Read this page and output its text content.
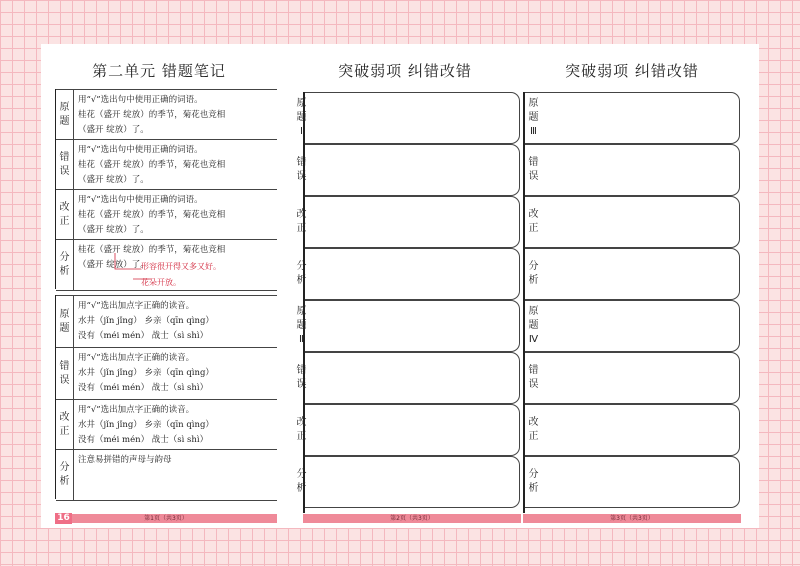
第二单元 错题笔记
原
题
用“√”选出句中使用正确的词语。
桂花（盛开 绽放）的季节，菊花也竞相
（盛开 绽放）了。
错
误
用“√”选出句中使用正确的词语。
桂花（盛开 绽放）的季节，菊花也竞相
（盛开 绽放）了。
改
正
用“√”选出句中使用正确的词语。
桂花（盛开 绽放）的季节，菊花也竞相
（盛开 绽放）了。
分
析
桂花（盛开 绽放）的季节，菊花也竞相
（盛开 绽放）了。
形容很开得又多又好。
花朵开放。
原
题
用“√”选出加点字正确的读音。
水井（jǐn jǐng） 乡亲（qīn qìng）
没有（méi mén） 战士（sì shì）
错
误
用“√”选出加点字正确的读音。
水井（jǐn jǐng） 乡亲（qīn qìng）
没有（méi mén） 战士（sì shì）
改
正
用“√”选出加点字正确的读音。
水井（jǐn jǐng） 乡亲（qīn qìng）
没有（méi mén） 战士（sì shì）
分
析
注意易拼错的声母与韵母
第1页（共3页）
16
突破弱项 纠错改错
原
题
Ⅰ
错
误
改
正
分
析
原
题
Ⅱ
错
误
改
正
分
析
第2页（共3页）
突破弱项 纠错改错
原
题
Ⅲ
错
误
改
正
分
析
原
题
Ⅳ
错
误
改
正
分
析
第3页（共3页）
